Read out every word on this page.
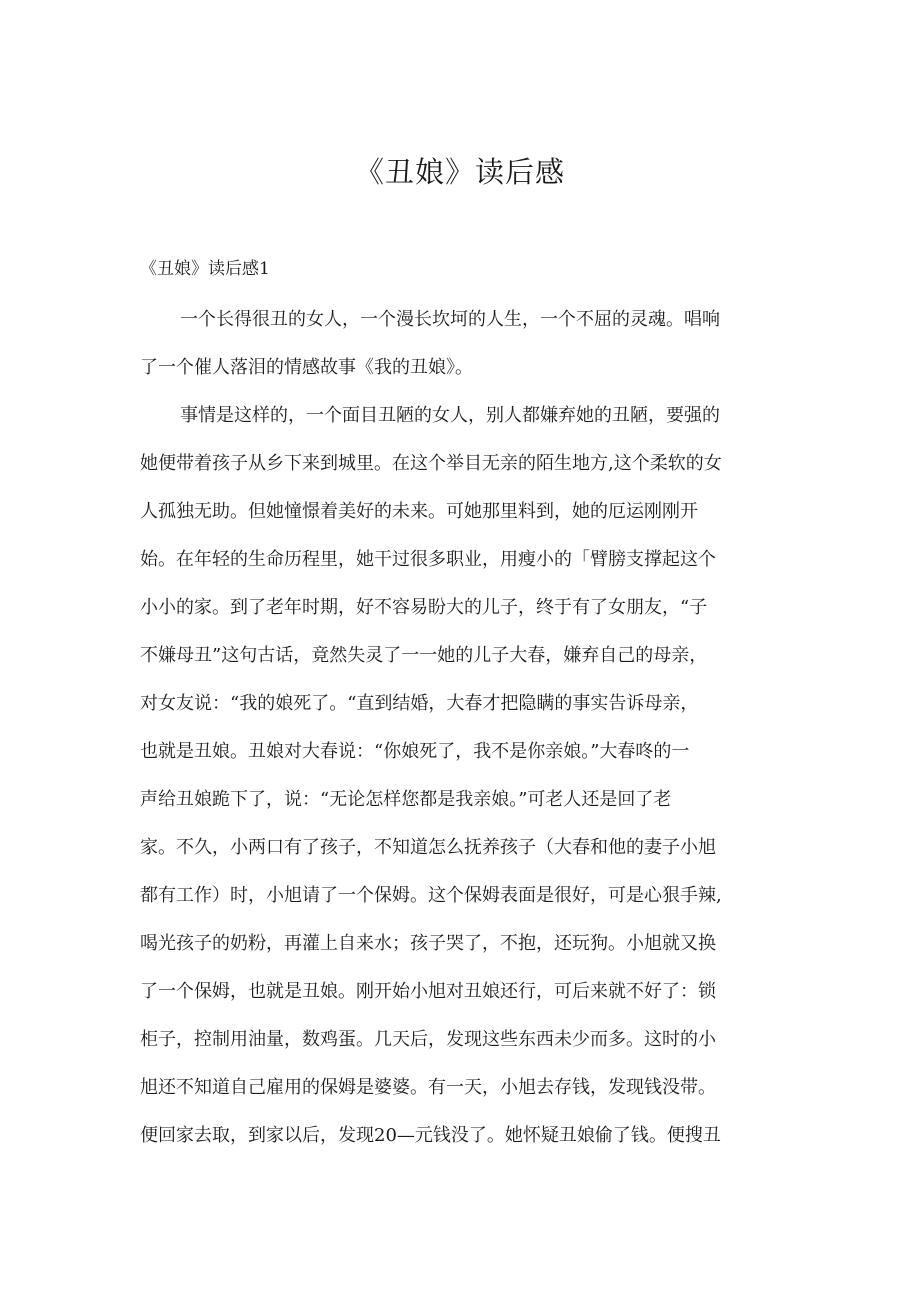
《丑娘》读后感
《丑娘》读后感1

一个长得很丑的女人，一个漫长坎坷的人生，一个不屈的灵魂。唱响
了一个催人落泪的情感故事《我的丑娘》。

事情是这样的，一个面目丑陋的女人，别人都嫌弃她的丑陋，要强的
她便带着孩子从乡下来到城里。在这个举目无亲的陌生地方,这个柔软的女
人孤独无助。但她憧憬着美好的未来。可她那里料到，她的厄运刚刚开
始。在年轻的生命历程里，她干过很多职业，用瘦小的「臂膀支撑起这个
小小的家。到了老年时期，好不容易盼大的儿子，终于有了女朋友，“子
不嫌母丑”这句古话，竟然失灵了一一她的儿子大春，嫌弃自己的母亲，
对女友说：“我的娘死了。“直到结婚，大春才把隐瞒的事实告诉母亲，
也就是丑娘。丑娘对大春说：“你娘死了，我不是你亲娘。”大春咚的一
声给丑娘跪下了，说：“无论怎样您都是我亲娘。”可老人还是回了老
家。不久，小两口有了孩子，不知道怎么抚养孩子（大春和他的妻子小旭
都有工作）时，小旭请了一个保姆。这个保姆表面是很好，可是心狠手辣,
喝光孩子的奶粉，再灌上自来水；孩子哭了，不抱，还玩狗。小旭就又换
了一个保姆，也就是丑娘。刚开始小旭对丑娘还行，可后来就不好了：锁
柜子，控制用油量，数鸡蛋。几天后，发现这些东西未少而多。这时的小
旭还不知道自己雇用的保姆是婆婆。有一天，小旭去存钱，发现钱没带。
便回家去取，到家以后，发现20—元钱没了。她怀疑丑娘偷了钱。便搜丑
